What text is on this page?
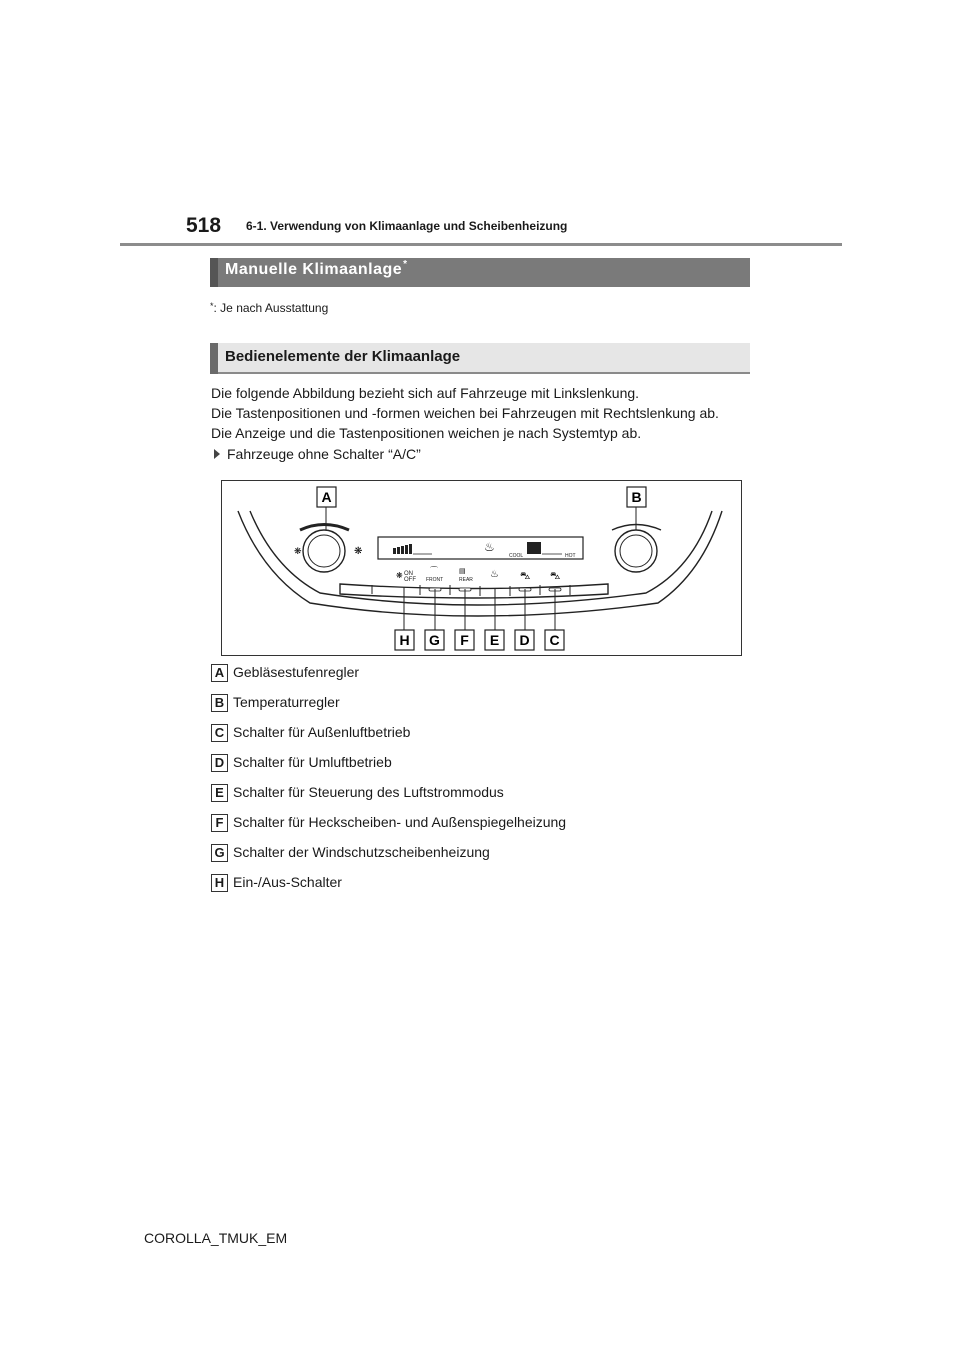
518 6-1. Verwendung von Klimaanlage und Scheibenheizung
Manuelle Klimaanlage*
*: Je nach Ausstattung
Bedienelemente der Klimaanlage
Die folgende Abbildung bezieht sich auf Fahrzeuge mit Linkslenkung.
Die Tastenpositionen und -formen weichen bei Fahrzeugen mit Rechtslenkung ab.
Die Anzeige und die Tastenpositionen weichen je nach Systemtyp ab.
Fahrzeuge ohne Schalter “A/C”
❋	❋	♨
COOL	HOT
ON
OFF FRONT	REAR
❋
⌒	▤ ♨ ⛍ ⛍
A	B
H G F E D C
A Gebläsestufenregler
B Temperaturregler
C Schalter für Außenluftbetrieb
D Schalter für Umluftbetrieb
E Schalter für Steuerung des Luftstrommodus
F Schalter für Heckscheiben- und Außenspiegelheizung
G Schalter der Windschutzscheibenheizung
H Ein-/Aus-Schalter
COROLLA_TMUK_EM
